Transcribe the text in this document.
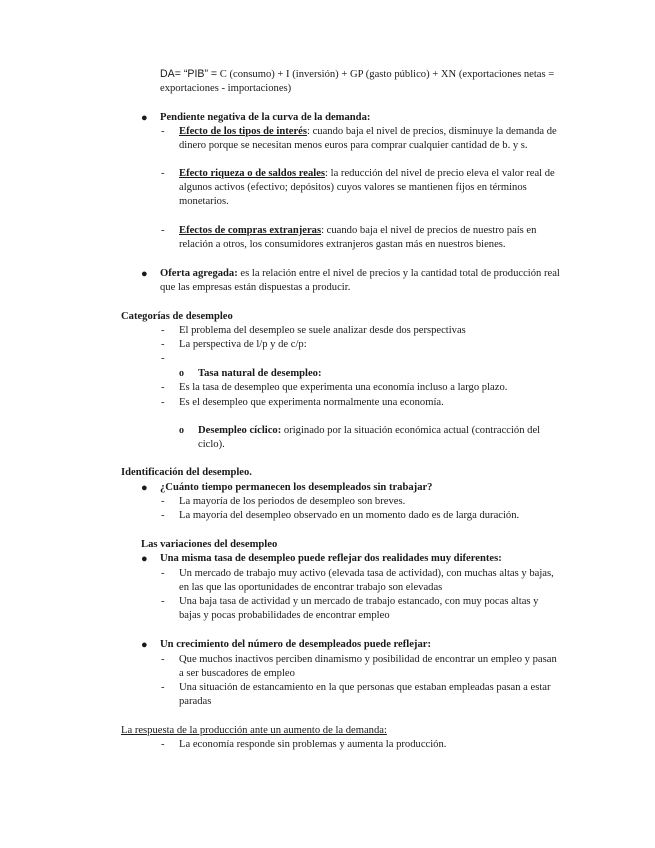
DA= “PIB” = C (consumo) + I (inversión) + GP (gasto público) + XN (exportaciones netas =
exportaciones - importaciones)
● Pendiente negativa de la curva de la demanda:
- Efecto de los tipos de interés: cuando baja el nivel de precios, disminuye la demanda de
dinero porque se necesitan menos euros para comprar cualquier cantidad de b. y s.
- Efecto riqueza o de saldos reales: la reducción del nivel de precio eleva el valor real de
algunos activos (efectivo; depósitos) cuyos valores se mantienen fijos en términos
monetarios.
- Efectos de compras extranjeras: cuando baja el nivel de precios de nuestro país en
relación a otros, los consumidores extranjeros gastan más en nuestros bienes.
● Oferta agregada: es la relación entre el nivel de precios y la cantidad total de producción real
que las empresas están dispuestas a producir.
Categorías de desempleo
- El problema del desempleo se suele analizar desde dos perspectivas
- La perspectiva de l/p y de c/p:
-
o Tasa natural de desempleo:
- Es la tasa de desempleo que experimenta una economía incluso a largo plazo.
- Es el desempleo que experimenta normalmente una economía.
o Desempleo cíclico: originado por la situación económica actual (contracción del
ciclo).
Identificación del desempleo.
● ¿Cuánto tiempo permanecen los desempleados sin trabajar?
- La mayoría de los periodos de desempleo son breves.
- La mayoría del desempleo observado en un momento dado es de larga duración.
Las variaciones del desempleo
● Una misma tasa de desempleo puede reflejar dos realidades muy diferentes:
- Un mercado de trabajo muy activo (elevada tasa de actividad), con muchas altas y bajas,
en las que las oportunidades de encontrar trabajo son elevadas
- Una baja tasa de actividad y un mercado de trabajo estancado, con muy pocas altas y
bajas y pocas probabilidades de encontrar empleo
● Un crecimiento del número de desempleados puede reflejar:
- Que muchos inactivos perciben dinamismo y posibilidad de encontrar un empleo y pasan
a ser buscadores de empleo
- Una situación de estancamiento en la que personas que estaban empleadas pasan a estar
paradas
La respuesta de la producción ante un aumento de la demanda:
- La economía responde sin problemas y aumenta la producción.
